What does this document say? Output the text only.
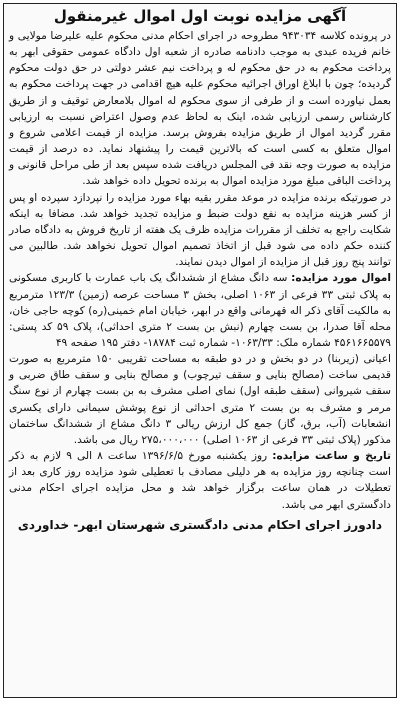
آگهی مزایده نوبت اول اموال غیرمنقول

در پرونده کلاسه ۹۴۳۰۳۴ مطروحه در اجرای احکام مدنی محکوم علیه علیرضا مولایی و خانم فریده عبدی به موجب دادنامه صادره از شعبه اول دادگاه عمومی حقوقی ابهر به پرداخت محکوم به در حق محکوم له و پرداخت نیم عشر دولتی در حق دولت محکوم گردیده؛ چون با ابلاغ اوراق اجرائیه محکوم علیه هیچ اقدامی در جهت پرداخت محکوم به بعمل نیاورده است و از طرفی از سوی محکوم له اموال بلامعارض توقیف و از طریق کارشناس رسمی ارزیابی شده، اینک به لحاظ عدم وصول اعتراض نسبت به ارزیابی مقرر گردید اموال از طریق مزایده بفروش برسد. مزایده از قیمت اعلامی شروع و اموال متعلق به کسی است که بالاترین قیمت را پیشنهاد نماید. ده درصد از قیمت مزایده به صورت وجه نقد فی المجلس دریافت شده سپس بعد از طی مراحل قانونی و پرداخت الباقی مبلغ مورد مزایده اموال به برنده تحویل داده خواهد شد.

در صورتیکه برنده مزایده در موعد مقرر بقیه بهاء مورد مزایده را نپردازد سپرده او پس از کسر هزینه مزایده به نفع دولت ضبط و مزایده تجدید خواهد شد. مضافا به اینکه شکایت راجع به تخلف از مقررات مزایده ظرف یک هفته از تاریخ فروش به دادگاه صادر کننده حکم داده می شود قبل از اتخاذ تصمیم اموال تحویل نخواهد شد. طالبین می توانند پنج روز قبل از مزایده از اموال دیدن نمایند.

اموال مورد مزایده: سه دانگ مشاع از ششدانگ یک باب عمارت با کاربری مسکونی به پلاک ثبتی ۳۳ فرعی از ۱۰۶۳ اصلی، بخش ۳ مساحت عرصه (زمین) ۱۲۳/۳ مترمربع به مالکیت آقای ذکر اله قهرمانی واقع در ابهر، خیابان امام خمینی(ره) کوچه حاجی خان، محله آقا صدرا، بن بست چهارم (نبش بن بست ۲ متری احداثی)، پلاک ۵۹ کد پستی: ۴۵۶۱۶۶۵۵۷۹ شماره ملک: ۱۰۶۳/۳۳- شماره ثبت ۱۸۷۸۴- دفتر ۱۹۵ صفحه ۴۹

اعیانی (زیربنا) در دو بخش و در دو طبقه به مساحت تقریبی ۱۵۰ مترمربع به صورت قدیمی ساخت (مصالح بنایی و سقف تیرچوب) و مصالح بنایی و سقف طاق ضربی و سقف شیروانی (سقف طبقه اول) نمای اصلی مشرف به بن بست چهارم از نوع سنگ مرمر و مشرف به بن بست ۲ متری احداثی از نوع پوشش سیمانی دارای یکسری انشعابات (آب، برق، گاز) جمع کل ارزش ریالی ۳ دانگ مشاع از ششدانگ ساختمان مذکور (پلاک ثبتی ۳۳ فرعی از ۱۰۶۳ اصلی) ۲۷۵،۰۰۰،۰۰۰ ریال می باشد.

تاریخ و ساعت مزایده: روز یکشنبه مورخ ۱۳۹۶/۶/۵ ساعت ۸ الی ۹ لازم به ذکر است چنانچه روز مزایده به هر دلیلی مصادف با تعطیلی شود مزایده روز کاری بعد از تعطیلات در همان ساعت برگزار خواهد شد و محل مزایده اجرای احکام مدنی دادگستری ابهر می باشد.

دادورز اجرای احکام مدنی دادگستری شهرستان ابهر- خداوردی
